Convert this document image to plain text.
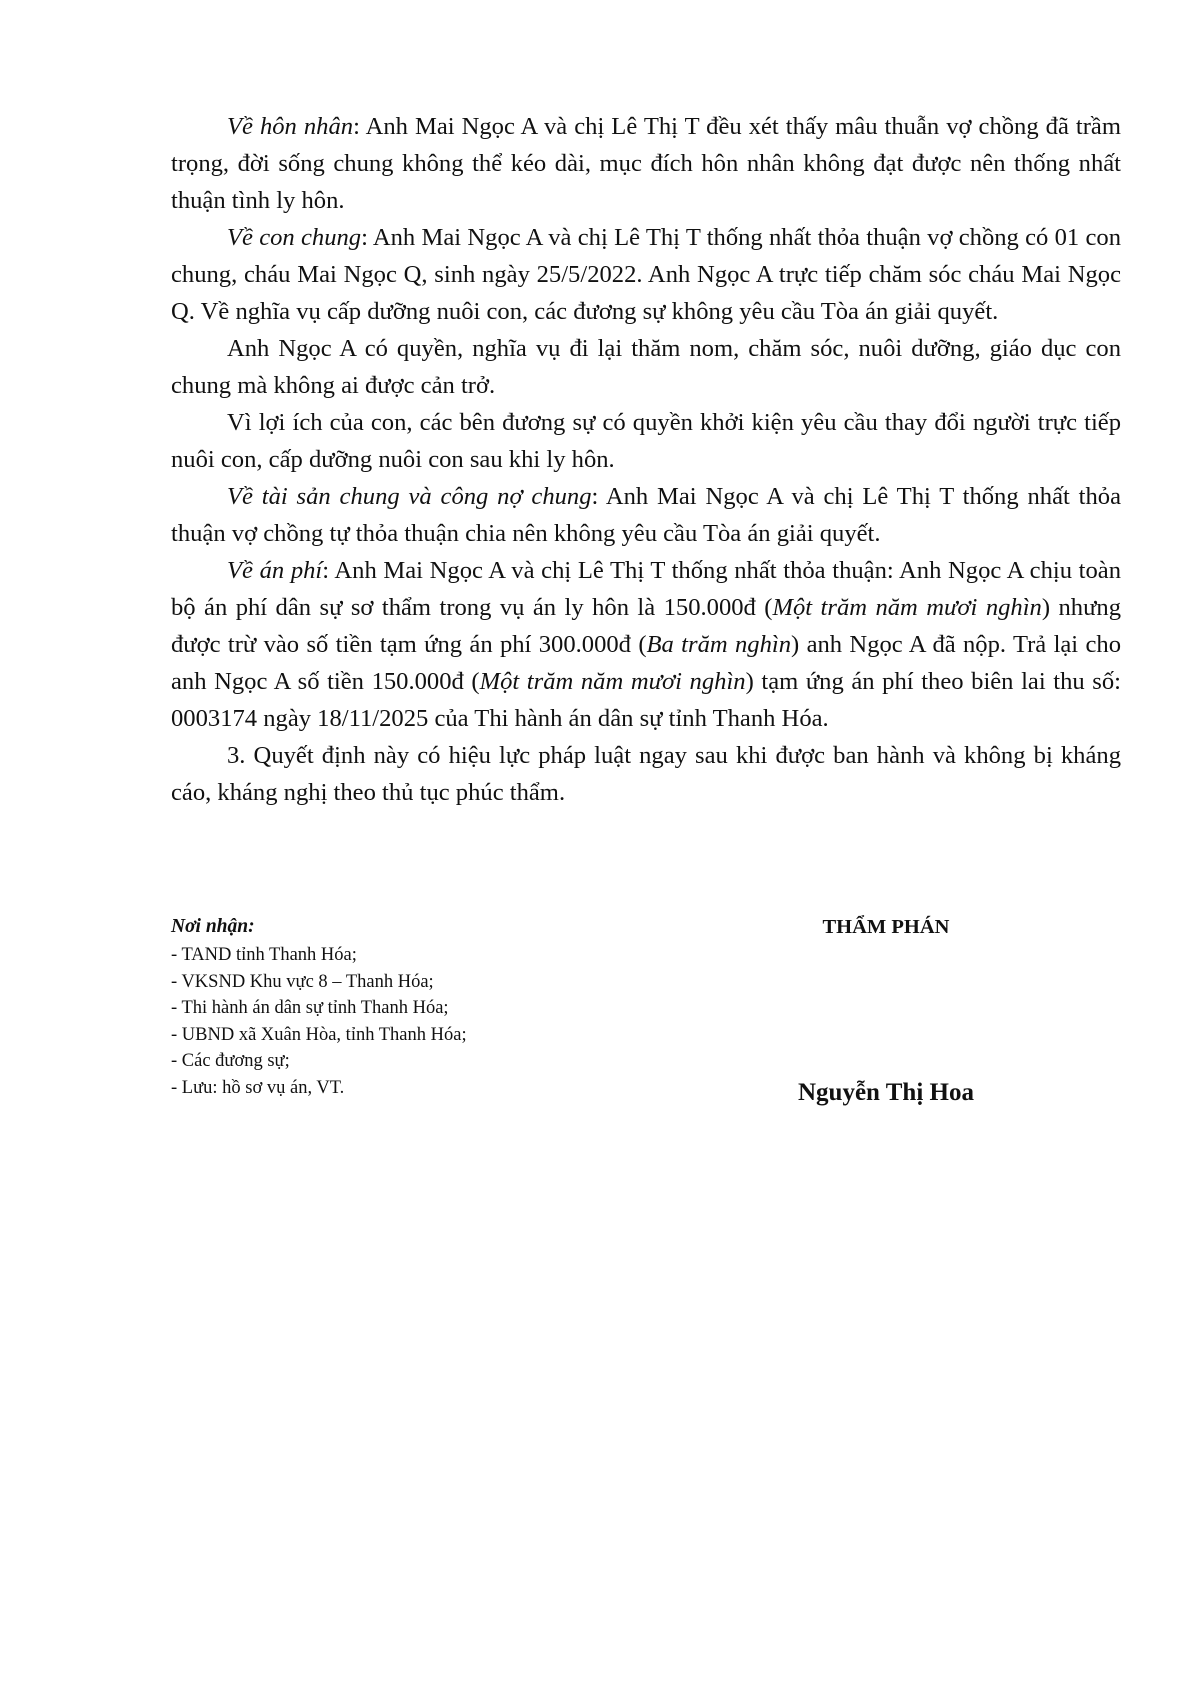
Về hôn nhân: Anh Mai Ngọc A và chị Lê Thị T đều xét thấy mâu thuẫn vợ chồng đã trầm trọng, đời sống chung không thể kéo dài, mục đích hôn nhân không đạt được nên thống nhất thuận tình ly hôn.

Về con chung: Anh Mai Ngọc A và chị Lê Thị T thống nhất thỏa thuận vợ chồng có 01 con chung, cháu Mai Ngọc Q, sinh ngày 25/5/2022. Anh Ngọc A trực tiếp chăm sóc cháu Mai Ngọc Q. Về nghĩa vụ cấp dưỡng nuôi con, các đương sự không yêu cầu Tòa án giải quyết.

Anh Ngọc A có quyền, nghĩa vụ đi lại thăm nom, chăm sóc, nuôi dưỡng, giáo dục con chung mà không ai được cản trở.

Vì lợi ích của con, các bên đương sự có quyền khởi kiện yêu cầu thay đổi người trực tiếp nuôi con, cấp dưỡng nuôi con sau khi ly hôn.

Về tài sản chung và công nợ chung: Anh Mai Ngọc A và chị Lê Thị T thống nhất thỏa thuận vợ chồng tự thỏa thuận chia nên không yêu cầu Tòa án giải quyết.

Về án phí: Anh Mai Ngọc A và chị Lê Thị T thống nhất thỏa thuận: Anh Ngọc A chịu toàn bộ án phí dân sự sơ thẩm trong vụ án ly hôn là 150.000đ (Một trăm năm mươi nghìn) nhưng được trừ vào số tiền tạm ứng án phí 300.000đ (Ba trăm nghìn) anh Ngọc A đã nộp. Trả lại cho anh Ngọc A số tiền 150.000đ (Một trăm năm mươi nghìn) tạm ứng án phí theo biên lai thu số: 0003174 ngày 18/11/2025 của Thi hành án dân sự tỉnh Thanh Hóa.

3. Quyết định này có hiệu lực pháp luật ngay sau khi được ban hành và không bị kháng cáo, kháng nghị theo thủ tục phúc thẩm.

Nơi nhận:

- TAND tỉnh Thanh Hóa;
- VKSND Khu vực 8 – Thanh Hóa;
- Thi hành án dân sự tỉnh Thanh Hóa;
- UBND xã Xuân Hòa, tỉnh Thanh Hóa;
- Các đương sự;
- Lưu: hồ sơ vụ án, VT.

THẨM PHÁN

Nguyễn Thị Hoa
